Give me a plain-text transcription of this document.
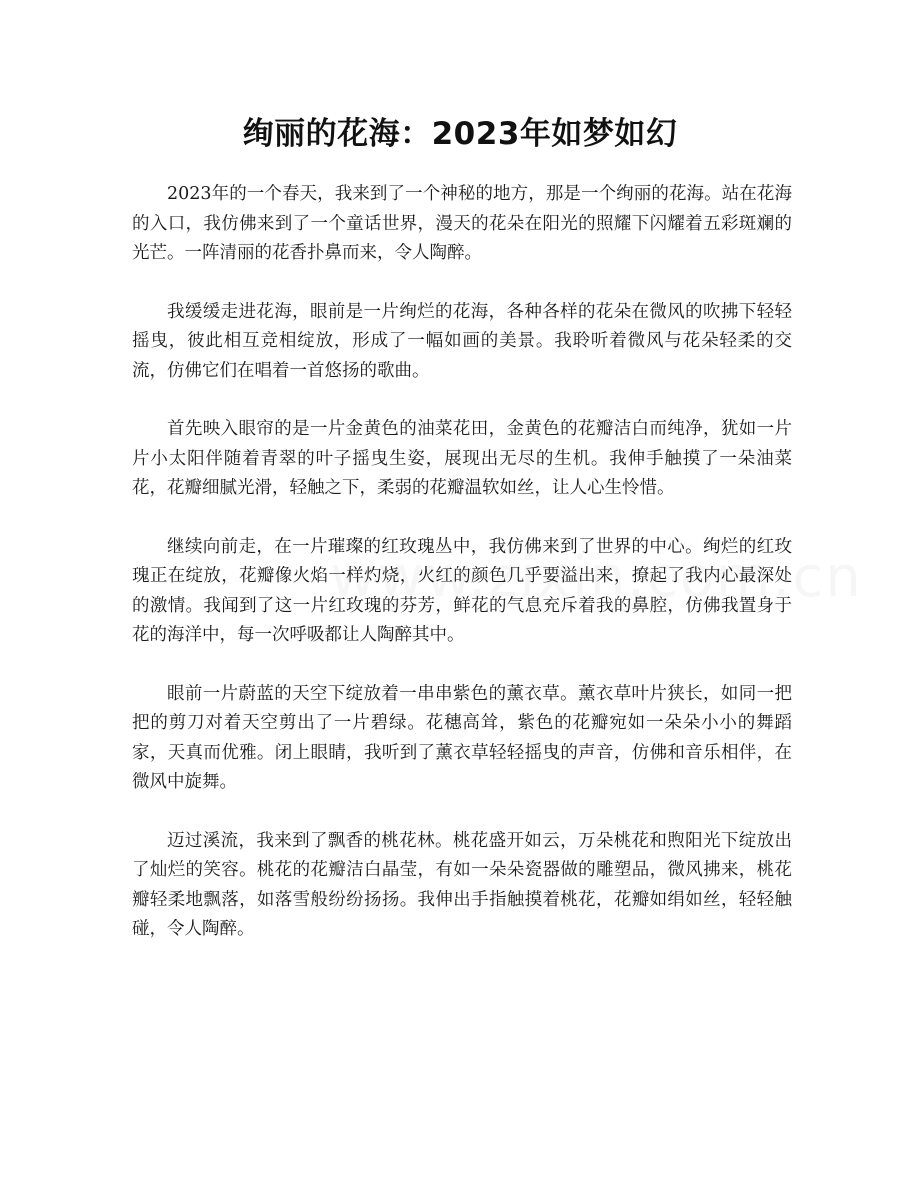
绚丽的花海：2023年如梦如幻

2023年的一个春天，我来到了一个神秘的地方，那是一个绚丽的花海。站在花海的入口，我仿佛来到了一个童话世界，漫天的花朵在阳光的照耀下闪耀着五彩斑斓的光芒。一阵清丽的花香扑鼻而来，令人陶醉。

我缓缓走进花海，眼前是一片绚烂的花海，各种各样的花朵在微风的吹拂下轻轻摇曳，彼此相互竞相绽放，形成了一幅如画的美景。我聆听着微风与花朵轻柔的交流，仿佛它们在唱着一首悠扬的歌曲。

首先映入眼帘的是一片金黄色的油菜花田，金黄色的花瓣洁白而纯净，犹如一片片小太阳伴随着青翠的叶子摇曳生姿，展现出无尽的生机。我伸手触摸了一朵油菜花，花瓣细腻光滑，轻触之下，柔弱的花瓣温软如丝，让人心生怜惜。

继续向前走，在一片璀璨的红玫瑰丛中，我仿佛来到了世界的中心。绚烂的红玫瑰正在绽放，花瓣像火焰一样灼烧，火红的颜色几乎要溢出来，撩起了我内心最深处的激情。我闻到了这一片红玫瑰的芬芳，鲜花的气息充斥着我的鼻腔，仿佛我置身于花的海洋中，每一次呼吸都让人陶醉其中。

眼前一片蔚蓝的天空下绽放着一串串紫色的薰衣草。薰衣草叶片狭长，如同一把把的剪刀对着天空剪出了一片碧绿。花穗高耸，紫色的花瓣宛如一朵朵小小的舞蹈家，天真而优雅。闭上眼睛，我听到了薰衣草轻轻摇曳的声音，仿佛和音乐相伴，在微风中旋舞。

迈过溪流，我来到了飘香的桃花林。桃花盛开如云，万朵桃花和煦阳光下绽放出了灿烂的笑容。桃花的花瓣洁白晶莹，有如一朵朵瓷器做的雕塑品，微风拂来，桃花瓣轻柔地飘落，如落雪般纷纷扬扬。我伸出手指触摸着桃花，花瓣如绢如丝，轻轻触碰，令人陶醉。
